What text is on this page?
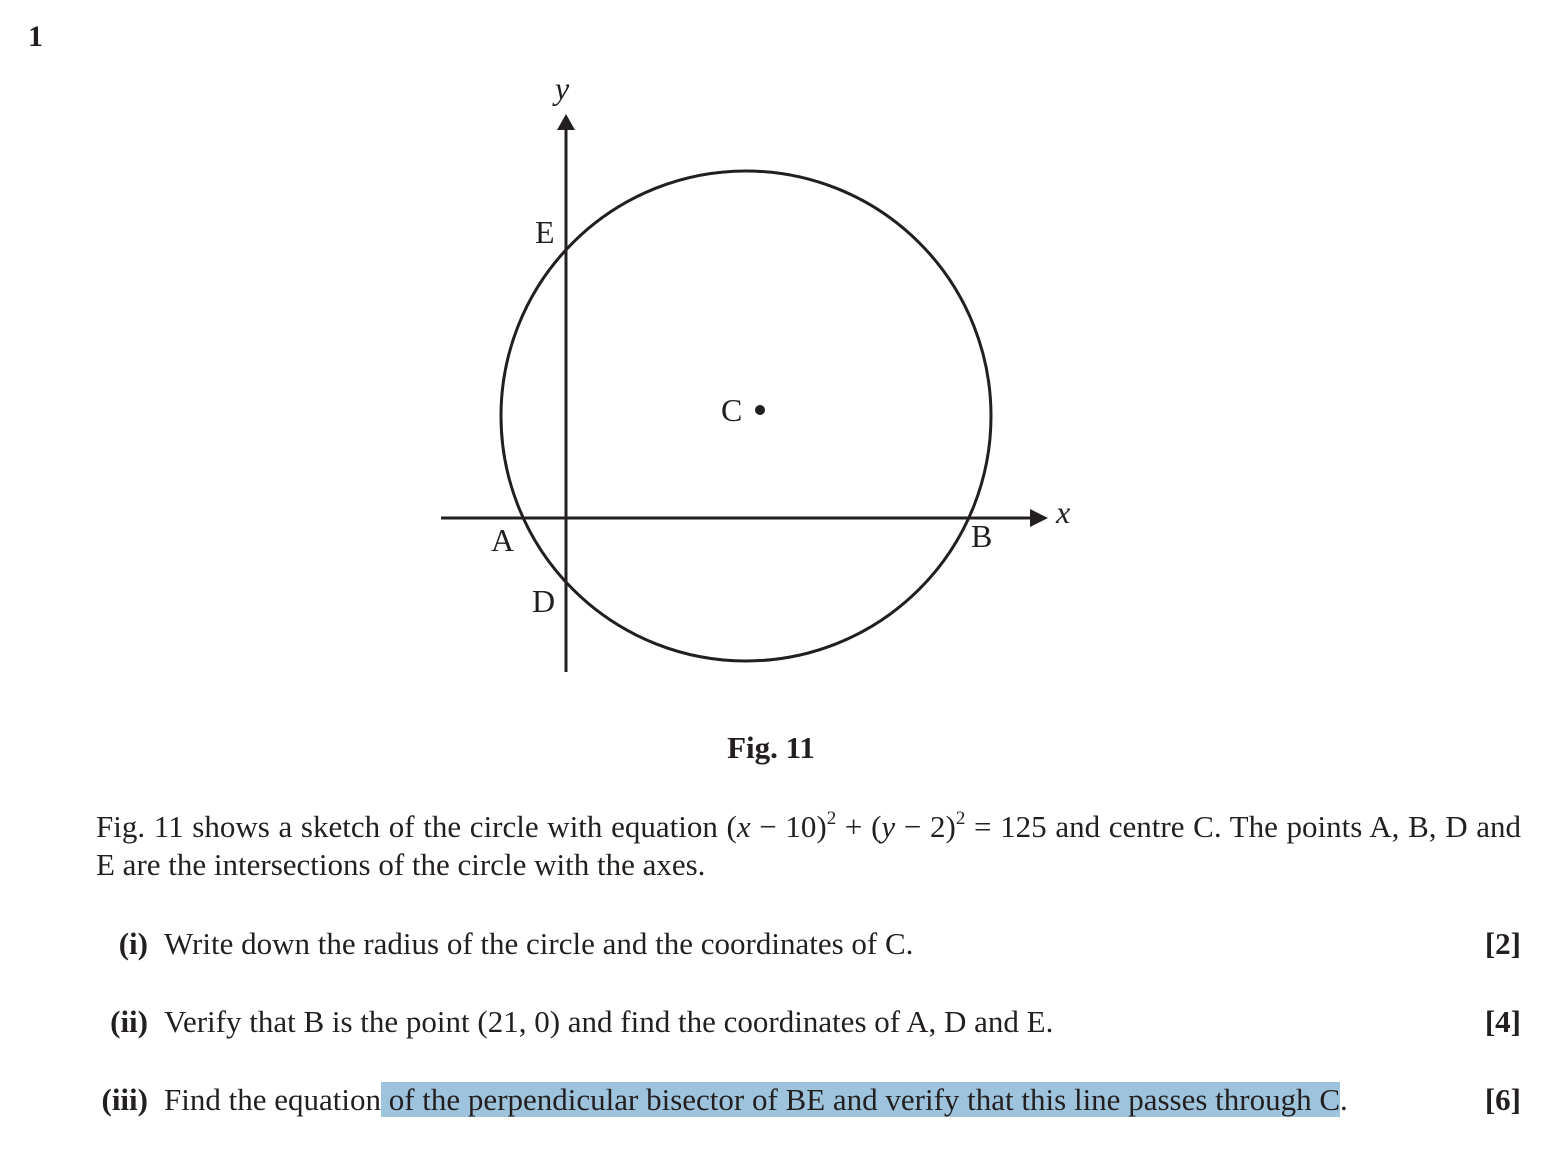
1
y
x
E
C
A	B
D
Fig. 11
Fig. 11 shows a sketch of the circle with equation $(x - 10)^2 + (y - 2)^2 = 125$ and centre C. The points A, B, D and E are the intersections of the circle with the axes.
(i) Write down the radius of the circle and the coordinates of C.	[2]
(ii) Verify that B is the point (21, 0) and find the coordinates of A, D and E.	[4]
(iii) Find the equation of the perpendicular bisector of BE and verify that this line passes through C.	[6]
